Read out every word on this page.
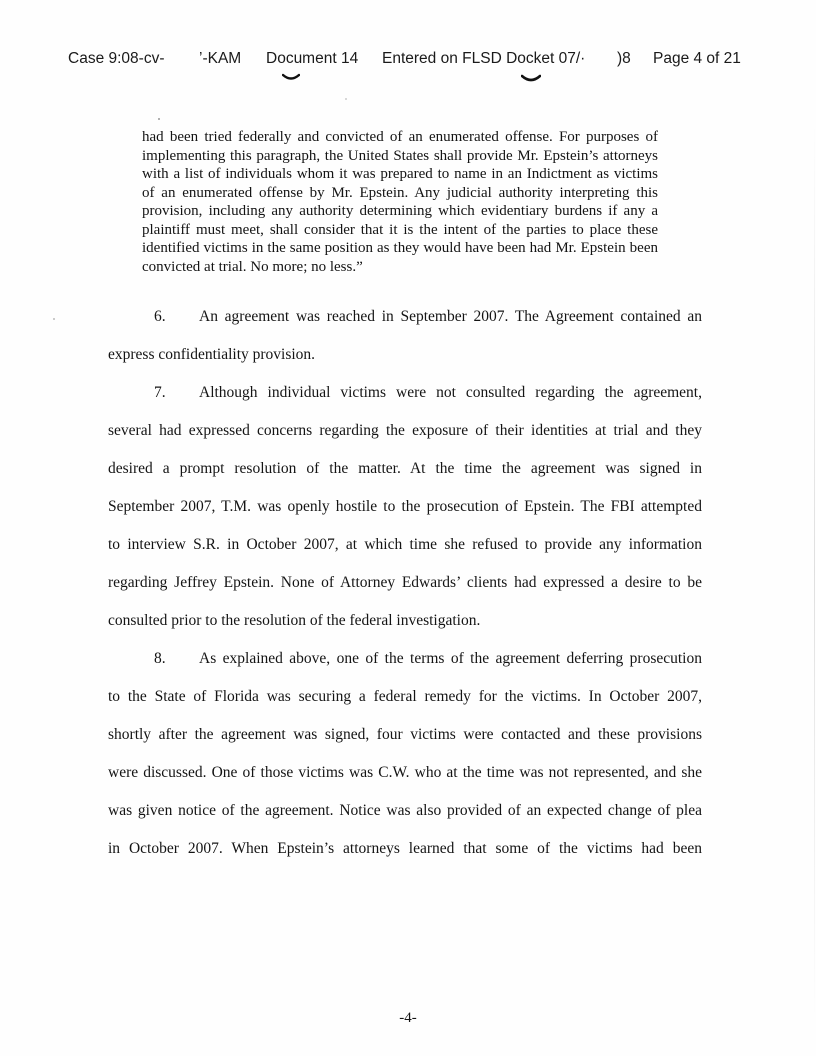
Case 9:08-cv-
’-KAM Document 14 Entered on FLSD Docket 07/· )8 Page 4 of 21

had been tried federally and convicted of an enumerated offense. For purposes of implementing this paragraph, the United States shall provide Mr. Epstein’s attorneys with a list of individuals whom it was prepared to name in an Indictment as victims of an enumerated offense by Mr. Epstein. Any judicial authority interpreting this provision, including any authority determining which evidentiary burdens if any a plaintiff must meet, shall consider that it is the intent of the parties to place these identified victims in the same position as they would have been had Mr. Epstein been convicted at trial. No more; no less.”

6. An agreement was reached in September 2007. The Agreement contained an

express confidentiality provision.

7. Although individual victims were not consulted regarding the agreement,

several had expressed concerns regarding the exposure of their identities at trial and they

desired a prompt resolution of the matter. At the time the agreement was signed in

September 2007, T.M. was openly hostile to the prosecution of Epstein. The FBI attempted

to interview S.R. in October 2007, at which time she refused to provide any information

regarding Jeffrey Epstein. None of Attorney Edwards’ clients had expressed a desire to be

consulted prior to the resolution of the federal investigation.

8. As explained above, one of the terms of the agreement deferring prosecution

to the State of Florida was securing a federal remedy for the victims. In October 2007,

shortly after the agreement was signed, four victims were contacted and these provisions

were discussed. One of those victims was C.W. who at the time was not represented, and she

was given notice of the agreement. Notice was also provided of an expected change of plea

in October 2007. When Epstein’s attorneys learned that some of the victims had been

-4-
